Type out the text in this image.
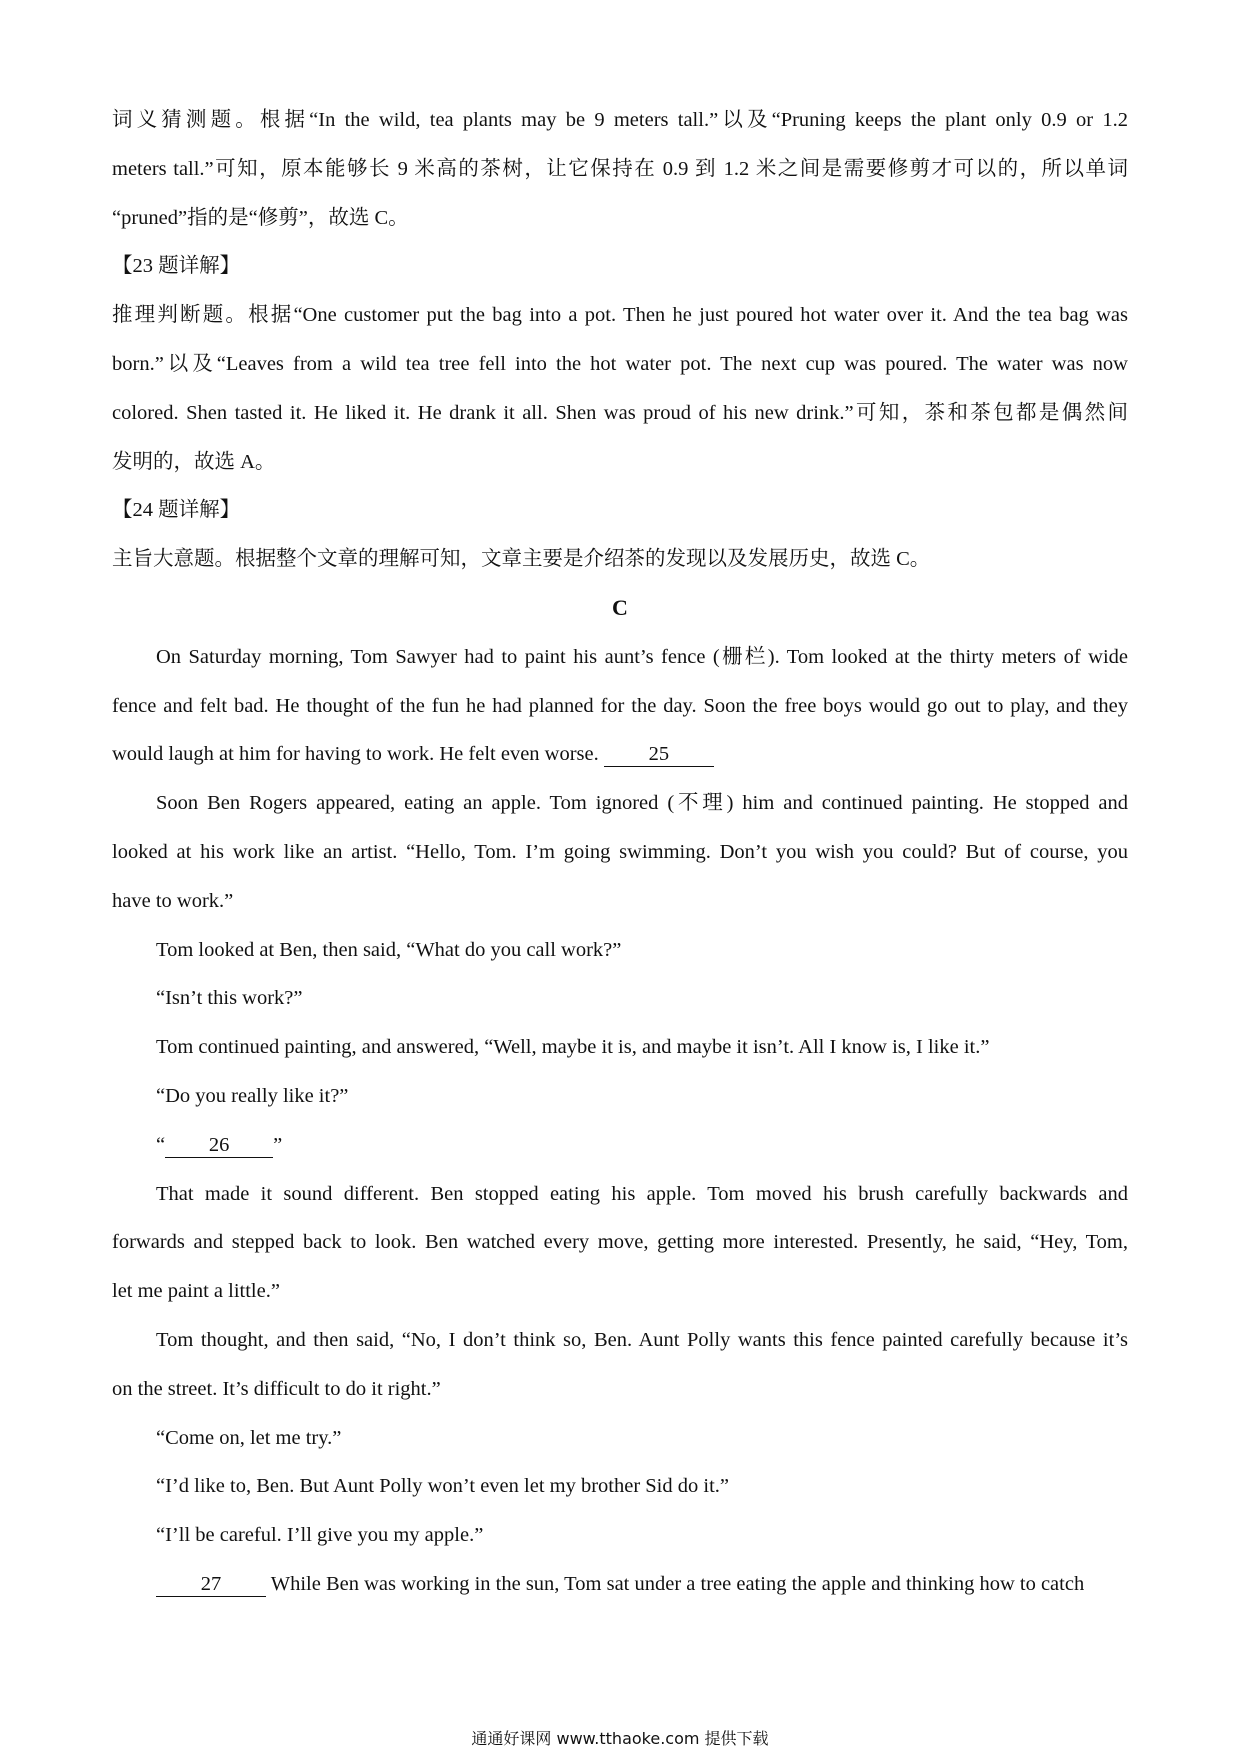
词义猜测题。根据“In the wild, tea plants may be 9 meters tall.”以及“Pruning keeps the plant only 0.9 or 1.2
meters tall.”可知，原本能够长 9 米高的茶树，让它保持在 0.9 到 1.2 米之间是需要修剪才可以的，所以单词
“pruned”指的是“修剪”，故选 C。
【23 题详解】
推理判断题。根据“One customer put the bag into a pot. Then he just poured hot water over it. And the tea bag was
born.”以及“Leaves from a wild tea tree fell into the hot water pot. The next cup was poured. The water was now
colored. Shen tasted it. He liked it. He drank it all. Shen was proud of his new drink.”可知，茶和茶包都是偶然间
发明的，故选 A。
【24 题详解】
主旨大意题。根据整个文章的理解可知，文章主要是介绍茶的发现以及发展历史，故选 C。
C
On Saturday morning, Tom Sawyer had to paint his aunt’s fence (栅栏). Tom looked at the thirty meters of wide
fence and felt bad. He thought of the fun he had planned for the day. Soon the free boys would go out to play, and they
would laugh at him for having to work. He felt even worse. 25
Soon Ben Rogers appeared, eating an apple. Tom ignored (不理) him and continued painting. He stopped and
looked at his work like an artist. “Hello, Tom. I’m going swimming. Don’t you wish you could? But of course, you
have to work.”
Tom looked at Ben, then said, “What do you call work?”
“Isn’t this work?”
Tom continued painting, and answered, “Well, maybe it is, and maybe it isn’t. All I know is, I like it.”
“Do you really like it?”
“ 26 ”
That made it sound different. Ben stopped eating his apple. Tom moved his brush carefully backwards and
forwards and stepped back to look. Ben watched every move, getting more interested. Presently, he said, “Hey, Tom,
let me paint a little.”
Tom thought, and then said, “No, I don’t think so, Ben. Aunt Polly wants this fence painted carefully because it’s
on the street. It’s difficult to do it right.”
“Come on, let me try.”
“I’d like to, Ben. But Aunt Polly won’t even let my brother Sid do it.”
“I’ll be careful. I’ll give you my apple.”
27 While Ben was working in the sun, Tom sat under a tree eating the apple and thinking how to catch
通通好课网 www.tthaoke.com 提供下载
